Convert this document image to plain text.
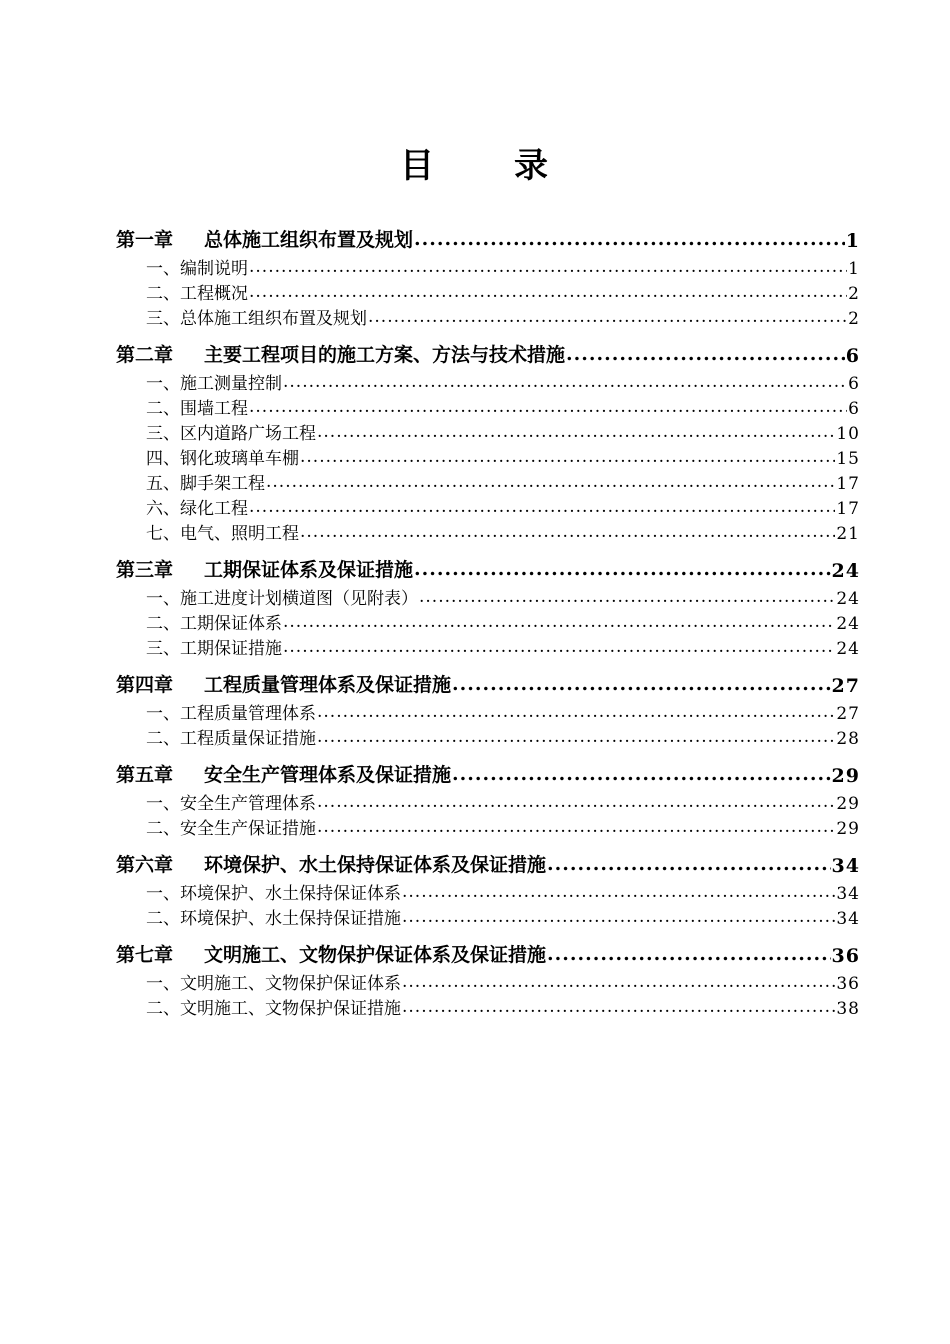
目 录
第一章	总体施工组织布置及规划 .....	1
一、编制说明 .....	1
二、工程概况 .....	2
三、总体施工组织布置及规划 .....	2
第二章	主要工程项目的施工方案、方法与技术措施 .....	6
一、施工测量控制 .....	6
二、围墙工程 .....	6
三、区内道路广场工程 .....	10
四、钢化玻璃单车棚 .....	15
五、脚手架工程 .....	17
六、绿化工程 .....	17
七、电气、照明工程 .....	21
第三章	工期保证体系及保证措施 .....	24
一、施工进度计划横道图（见附表） .....	24
二、工期保证体系 .....	24
三、工期保证措施 .....	24
第四章	工程质量管理体系及保证措施 .....	27
一、工程质量管理体系 .....	27
二、工程质量保证措施 .....	28
第五章	安全生产管理体系及保证措施 .....	29
一、安全生产管理体系 .....	29
二、安全生产保证措施 .....	29
第六章	环境保护、水土保持保证体系及保证措施 .....	34
一、环境保护、水土保持保证体系 .....	34
二、环境保护、水土保持保证措施 .....	34
第七章	文明施工、文物保护保证体系及保证措施 .....	36
一、文明施工、文物保护保证体系 .....	36
二、文明施工、文物保护保证措施 .....	38
